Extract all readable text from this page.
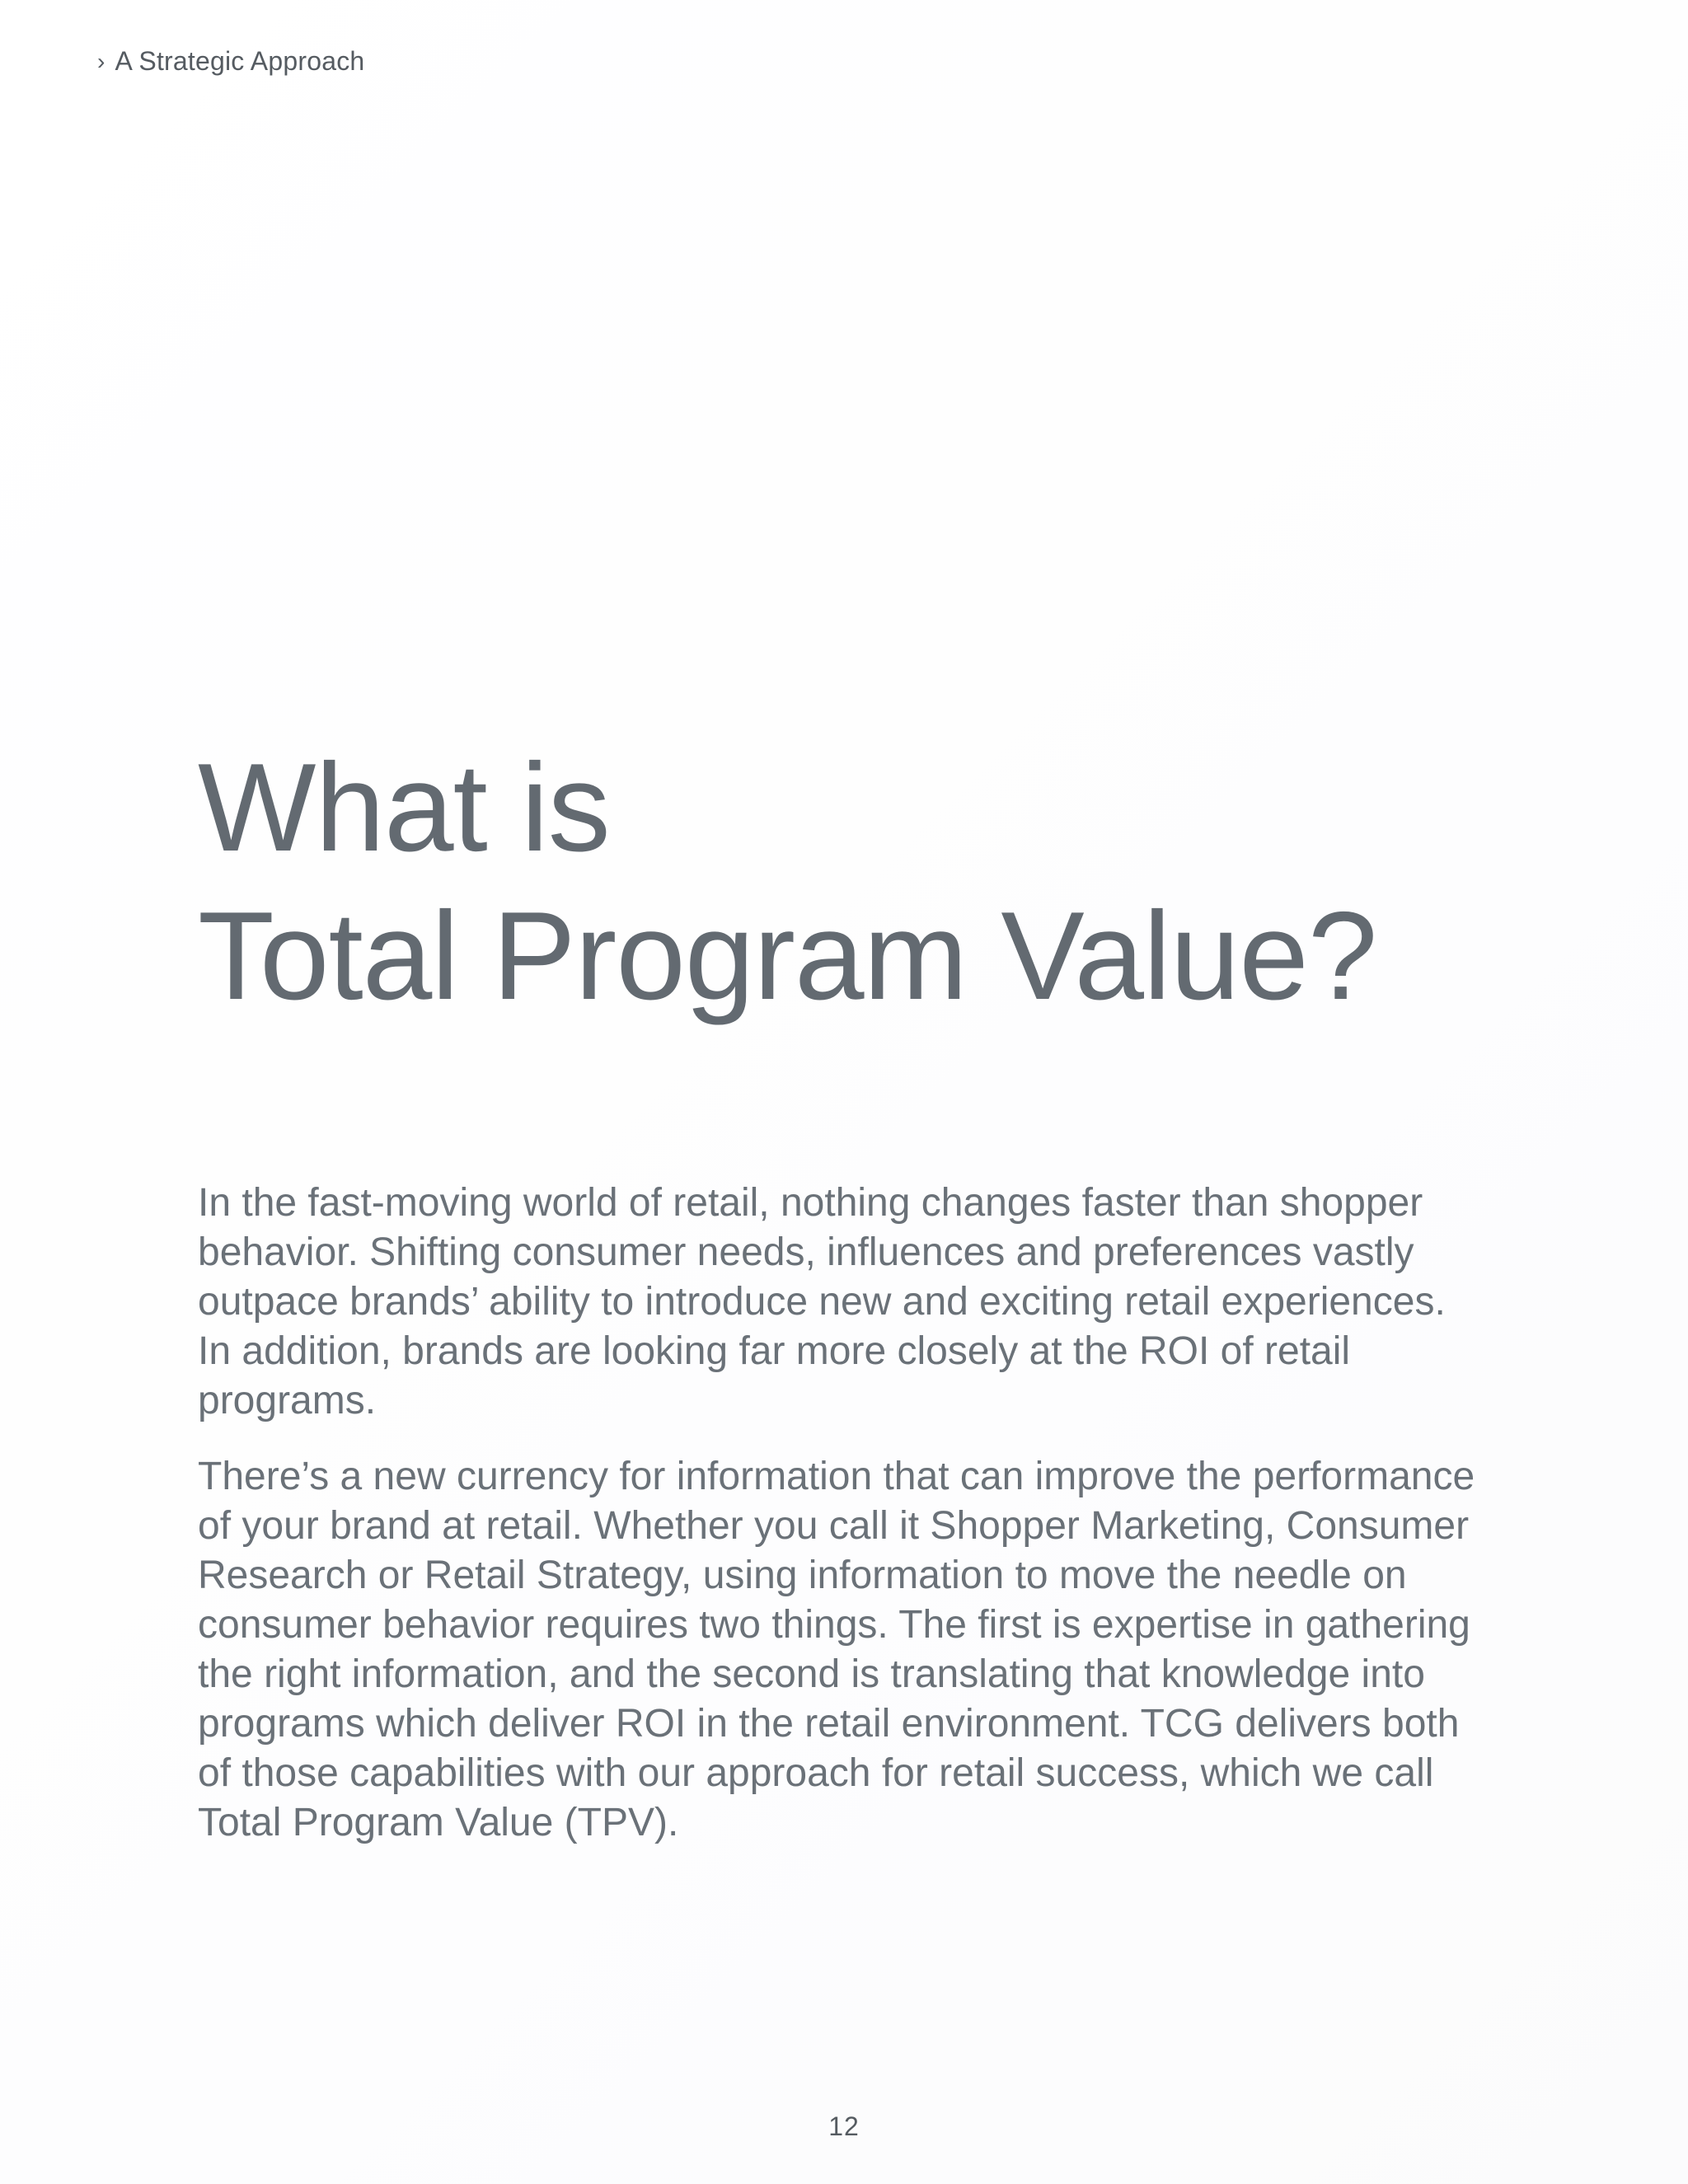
› A Strategic Approach
What is
Total Program Value?

In the fast-moving world of retail, nothing changes faster than shopper behavior. Shifting consumer needs, influences and preferences vastly outpace brands’ ability to introduce new and exciting retail experiences. In addition, brands are looking far more closely at the ROI of retail programs.

There’s a new currency for information that can improve the performance of your brand at retail. Whether you call it Shopper Marketing, Consumer Research or Retail Strategy, using information to move the needle on consumer behavior requires two things. The first is expertise in gathering the right information, and the second is translating that knowledge into programs which deliver ROI in the retail environment. TCG delivers both of those capabilities with our approach for retail success, which we call Total Program Value (TPV).

12
